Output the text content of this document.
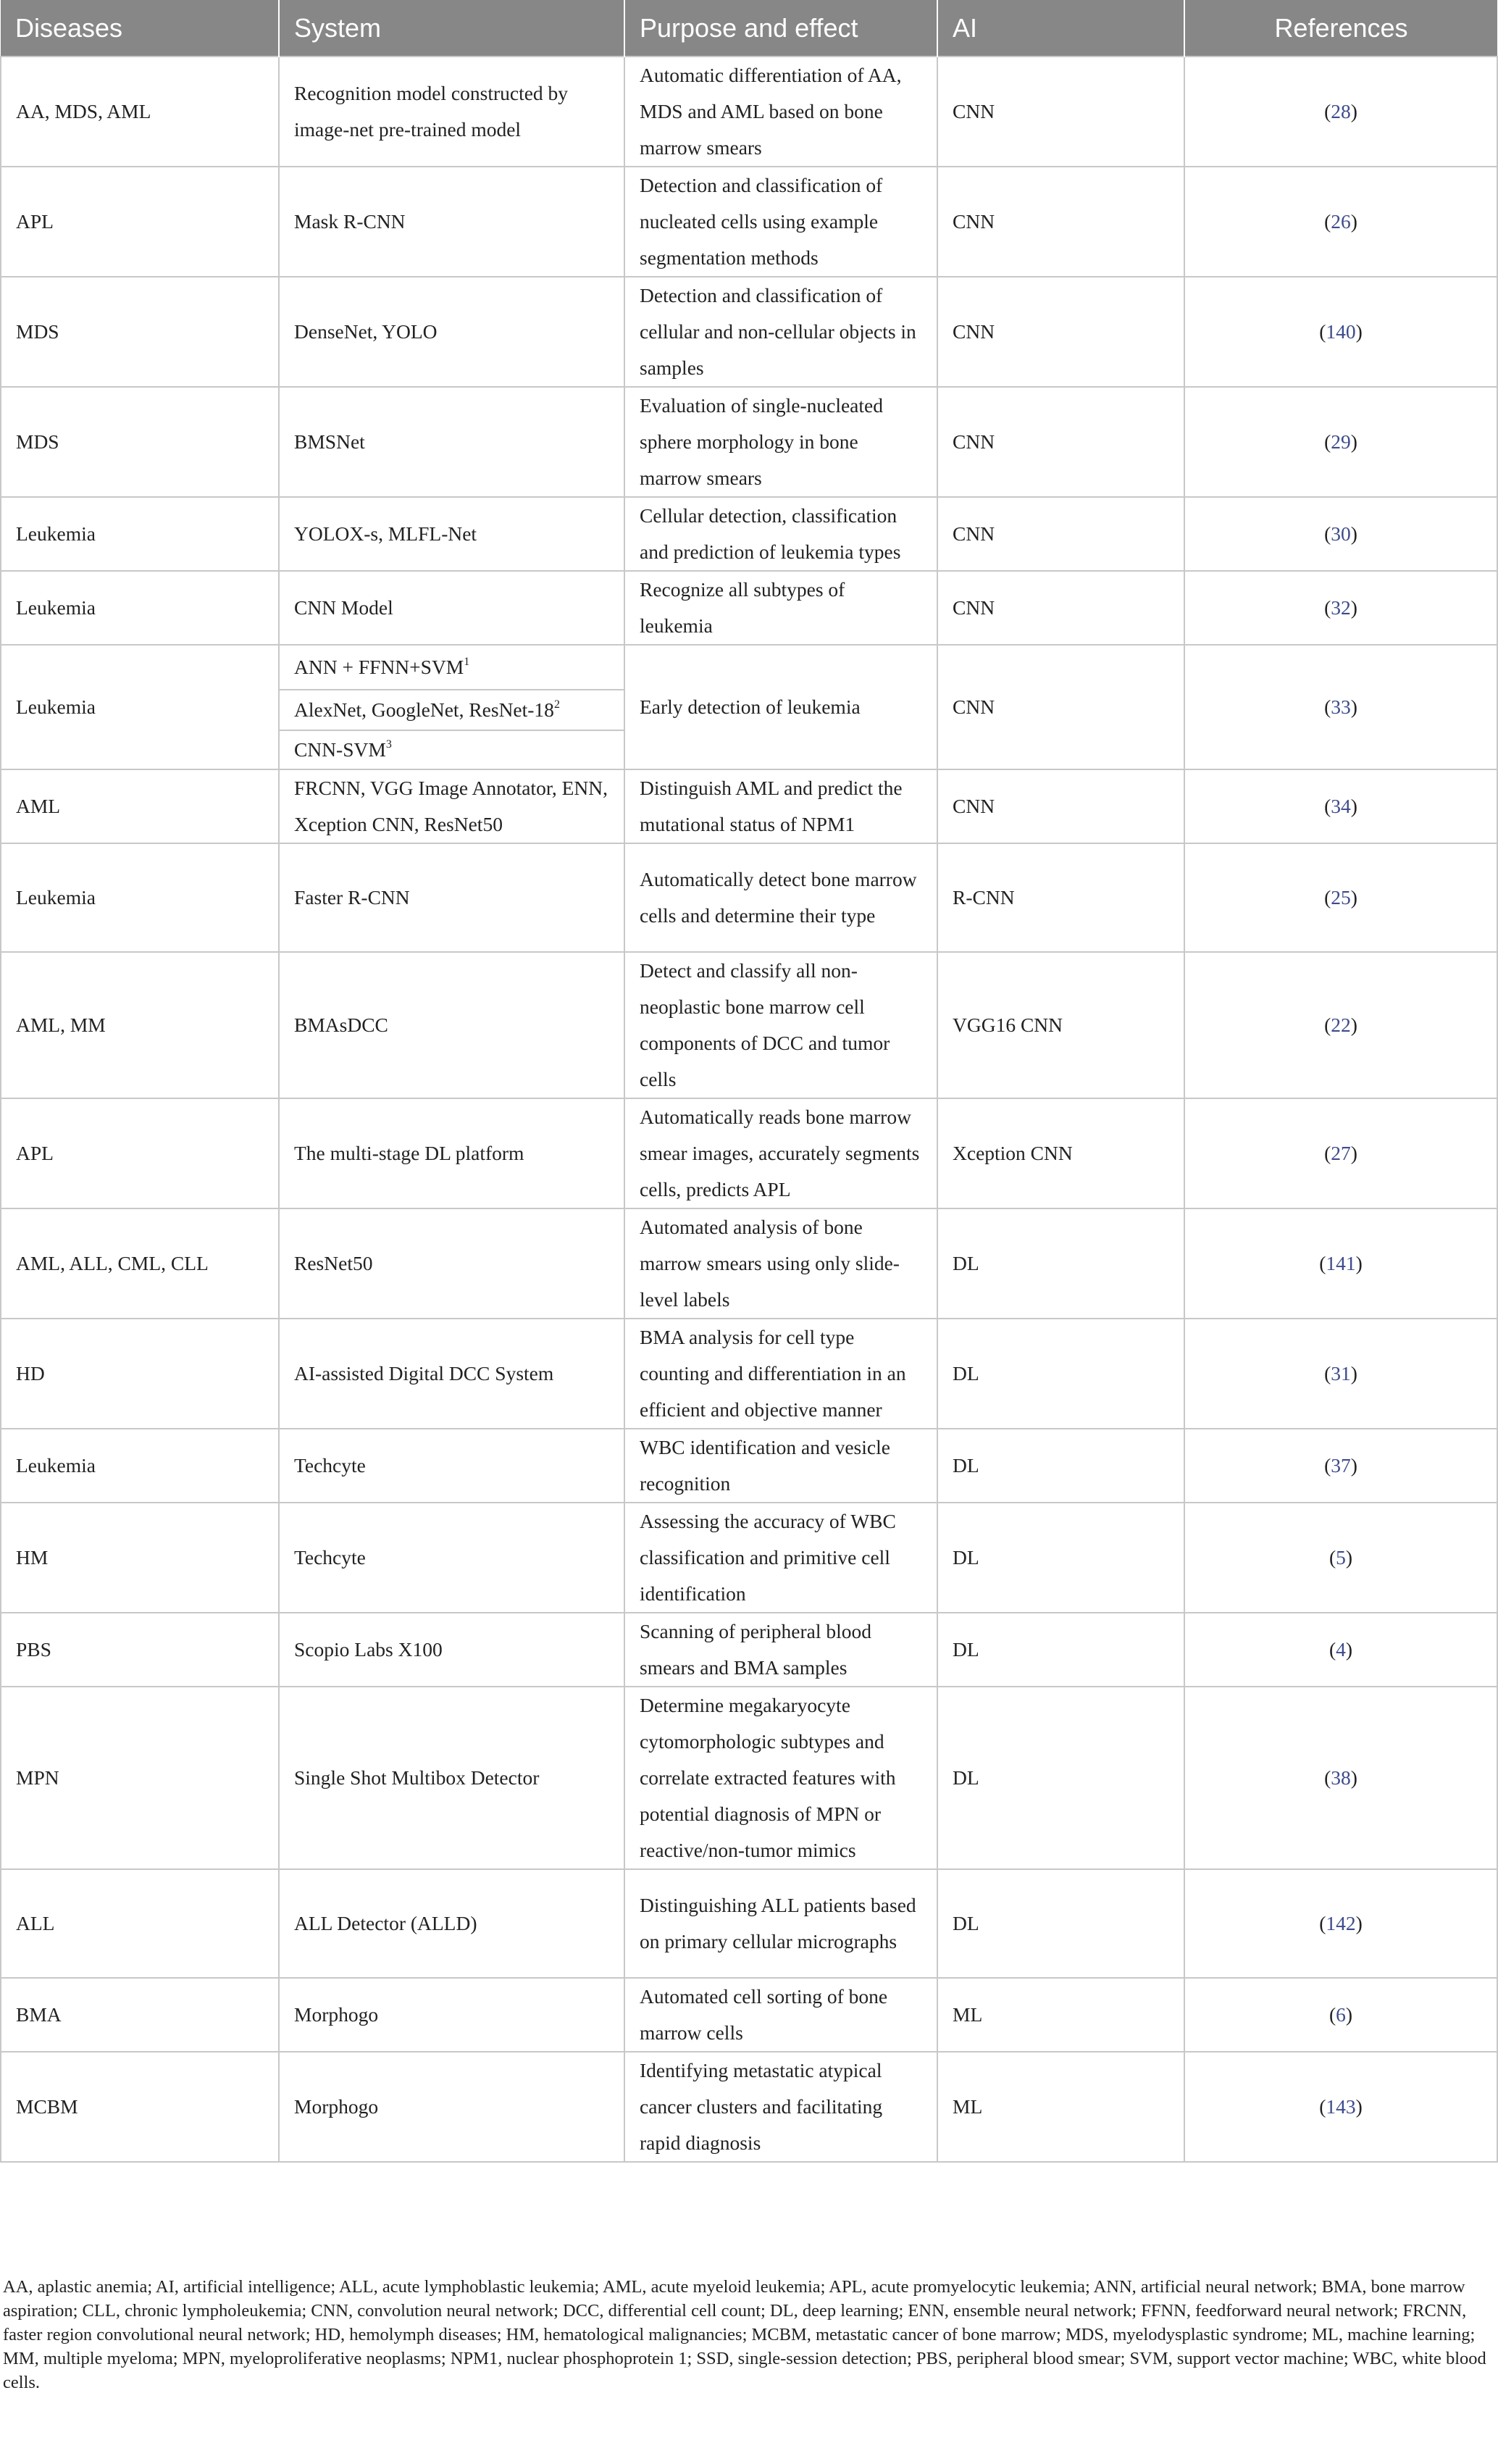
Diseases	System	Purpose and effect	AI	References
AA, MDS, AML	Recognition model constructed by image-net pre-trained model	Automatic differentiation of AA, MDS and AML based on bone marrow smears	CNN	(28)
APL	Mask R-CNN	Detection and classification of nucleated cells using example segmentation methods	CNN	(26)
MDS	DenseNet, YOLO	Detection and classification of cellular and non-cellular objects in samples	CNN	(140)
MDS	BMSNet	Evaluation of single-nucleated sphere morphology in bone marrow smears	CNN	(29)
Leukemia	YOLOX-s, MLFL-Net	Cellular detection, classification and prediction of leukemia types	CNN	(30)
Leukemia	CNN Model	Recognize all subtypes of leukemia	CNN	(32)
Leukemia	ANN + $FFNN+SVM^1$	Early detection of leukemia	CNN	(33)
	AlexNet, GoogleNet, ResNet-$18^2$
	CNN-SVM$^3$
AML	FRCNN, VGG Image Annotator, ENN, Xception CNN, ResNet50	Distinguish AML and predict the mutational status of NPM1	CNN	(34)
Leukemia	Faster R-CNN	Automatically detect bone marrow cells and determine their type	R-CNN	(25)
AML, MM	BMAsDCC	Detect and classify all non-neoplastic bone marrow cell components of DCC and tumor cells	VGG16 CNN	(22)
APL	The multi-stage DL platform	Automatically reads bone marrow smear images, accurately segments cells, predicts APL	Xception CNN	(27)
AML, ALL, CML, CLL	ResNet50	Automated analysis of bone marrow smears using only slide-level labels	DL	(141)
HD	AI-assisted Digital DCC System	BMA analysis for cell type counting and differentiation in an efficient and objective manner	DL	(31)
Leukemia	Techcyte	WBC identification and vesicle recognition	DL	(37)
HM	Techcyte	Assessing the accuracy of WBC classification and primitive cell identification	DL	(5)
PBS	Scopio Labs X100	Scanning of peripheral blood smears and BMA samples	DL	(4)
MPN	Single Shot Multibox Detector	Determine megakaryocyte cytomorphologic subtypes and correlate extracted features with potential diagnosis of MPN or reactive/non-tumor mimics	DL	(38)
ALL	ALL Detector (ALLD)	Distinguishing ALL patients based on primary cellular micrographs	DL	(142)
BMA	Morphogo	Automated cell sorting of bone marrow cells	ML	(6)
MCBM	Morphogo	Identifying metastatic atypical cancer clusters and facilitating rapid diagnosis	ML	(143)
AA, aplastic anemia; AI, artificial intelligence; ALL, acute lymphoblastic leukemia; AML, acute myeloid leukemia; APL, acute promyelocytic leukemia; ANN, artificial neural network; BMA, bone marrow aspiration; CLL, chronic lympholeukemia; CNN, convolution neural network; DCC, differential cell count; DL, deep learning; ENN, ensemble neural network; FFNN, feedforward neural network; FRCNN, faster region convolutional neural network; HD, hemolymph diseases; HM, hematological malignancies; MCBM, metastatic cancer of bone marrow; MDS, myelodysplastic syndrome; ML, machine learning; MM, multiple myeloma; MPN, myeloproliferative neoplasms; NPM1, nuclear phosphoprotein 1; SSD, single-session detection; PBS, peripheral blood smear; SVM, support vector machine; WBC, white blood cells.
